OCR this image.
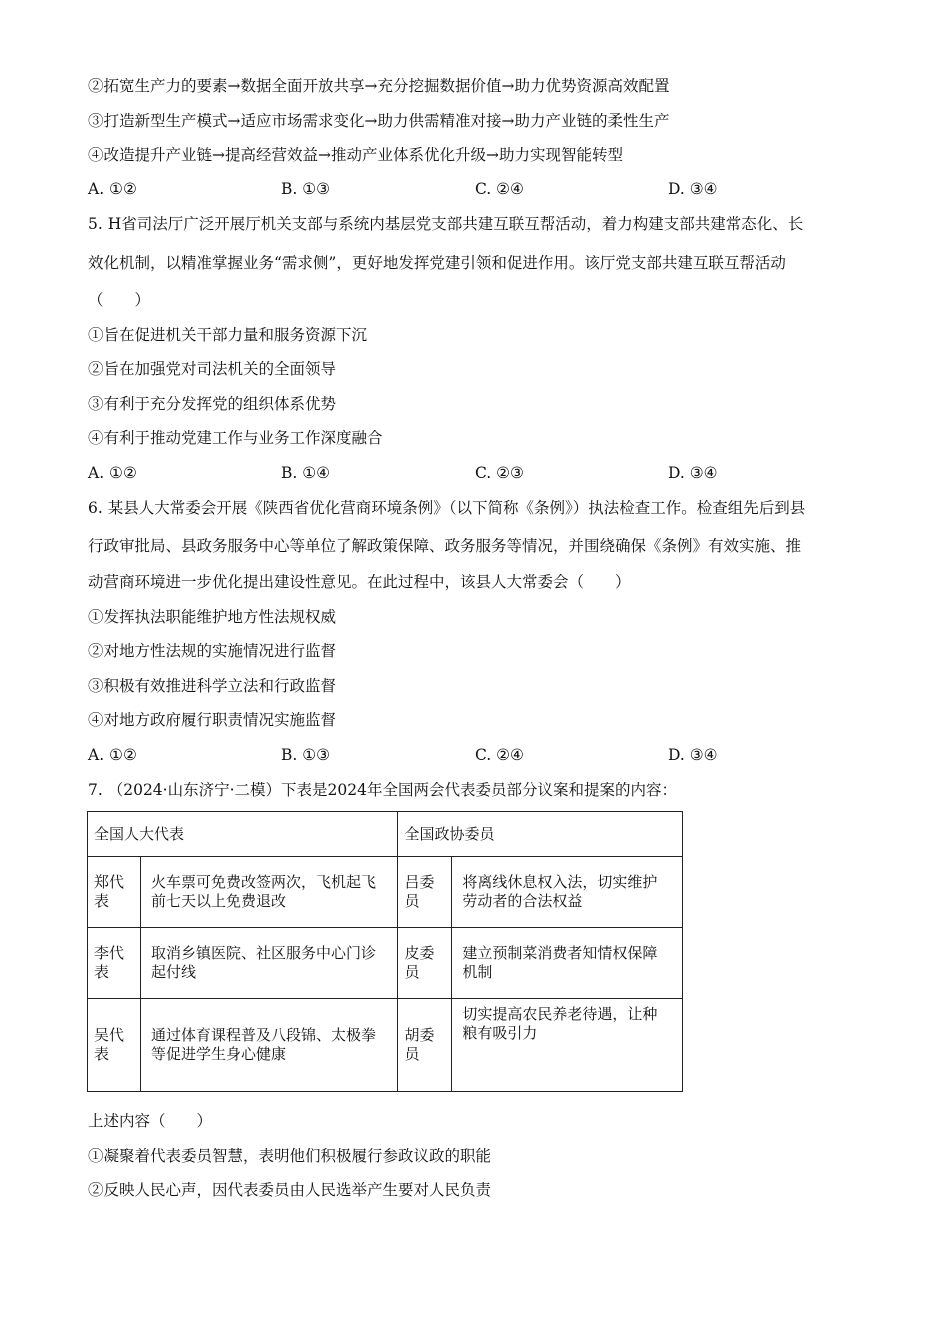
②拓宽生产力的要素→数据全面开放共享→充分挖掘数据价值→助力优势资源高效配置
③打造新型生产模式→适应市场需求变化→助力供需精准对接→助力产业链的柔性生产
④改造提升产业链→提高经营效益→推动产业体系优化升级→助力实现智能转型
A. ①②	B. ①③	C. ②④	D. ③④
5. H省司法厅广泛开展厅机关支部与系统内基层党支部共建互联互帮活动，着力构建支部共建常态化、长
效化机制，以精准掌握业务“需求侧”，更好地发挥党建引领和促进作用。该厅党支部共建互联互帮活动
（　　）
①旨在促进机关干部力量和服务资源下沉
②旨在加强党对司法机关的全面领导
③有利于充分发挥党的组织体系优势
④有利于推动党建工作与业务工作深度融合
A. ①②	B. ①④	C. ②③	D. ③④
6. 某县人大常委会开展《陕西省优化营商环境条例》（以下简称《条例》）执法检查工作。检查组先后到县
行政审批局、县政务服务中心等单位了解政策保障、政务服务等情况，并围绕确保《条例》有效实施、推
动营商环境进一步优化提出建设性意见。在此过程中，该县人大常委会（　　）
①发挥执法职能维护地方性法规权威
②对地方性法规的实施情况进行监督
③积极有效推进科学立法和行政监督
④对地方政府履行职责情况实施监督
A. ①②	B. ①③	C. ②④	D. ③④
7. （2024·山东济宁·二模）下表是2024年全国两会代表委员部分议案和提案的内容：
全国人大代表		全国政协委员	
郑代表	火车票可免费改签两次，飞机起飞前七天以上免费退改	吕委员	将离线休息权入法，切实维护劳动者的合法权益
李代表	取消乡镇医院、社区服务中心门诊起付线	皮委员	建立预制菜消费者知情权保障机制
吴代表	通过体育课程普及八段锦、太极拳等促进学生身心健康	胡委员	切实提高农民养老待遇，让种粮有吸引力
上述内容（　　）
①凝聚着代表委员智慧，表明他们积极履行参政议政的职能
②反映人民心声，因代表委员由人民选举产生要对人民负责
